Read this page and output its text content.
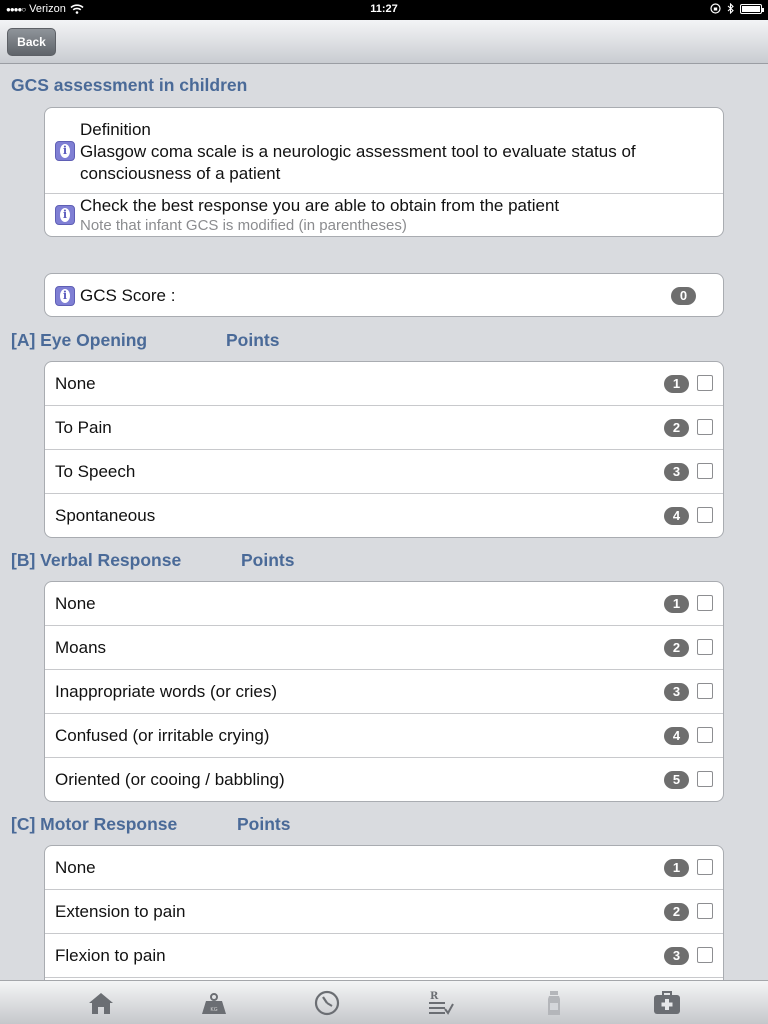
●●●●○ Verizon	11:27
Back
GCS assessment in children
i
Definition
Glasgow coma scale is a neurologic assessment tool to evaluate status of
consciousness of a patient
i
Check the best response you are able to obtain from the patient
Note that infant GCS is modified (in parentheses)
i
GCS Score :	0
[A] Eye Opening	Points
None	1
To Pain	2
To Speech	3
Spontaneous	4
[B] Verbal Response	Points
None	1
Moans	2
Inappropriate words (or cries)	3
Confused (or irritable crying)	4
Oriented (or cooing / babbling)	5
[C] Motor Response	Points
None	1
Extension to pain	2
Flexion to pain	3
KG
R
